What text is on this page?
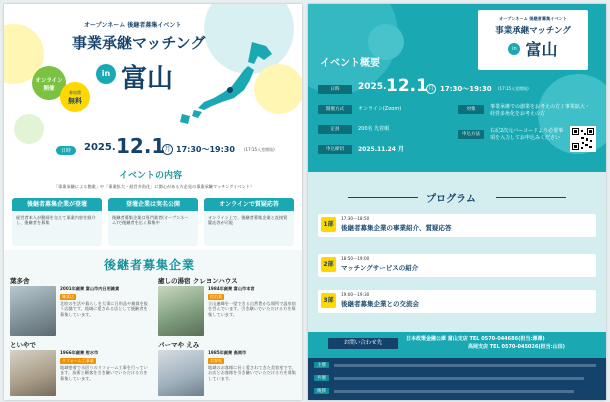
オープンネーム 後継者募集イベント
事業承継マッチング
in 富山
オンライン
開催
参加費
無料
日時	2025. 12.1 月 17:30～19:30 (17:15入室開始)
イベントの内容
「事業承継による創業」や「事業拡大・経営多角化」に関心がある方必見の事業承継マッチングイベント！
後継者募集企業が登壇
経営者本人が動画を交えて事業内容を紹介し、後継者を募集
登壇企業は実名公開
後継者募集企業は専門業者(オープンネーム)で後継者を広く募集中
オンラインで質疑応答
オンライン上で、後継者募集企業と直接質疑応答が可能
後継者募集企業
葉多舎
2001年創業 富山市内日用雑貨
雑貨店
北欧の生活や暮らしを大事に日用品や雑貨を扱う店舗です。地域に愛される店として後継者を募集しています。
癒しの湯宿 クレヨンハウス
1984年創業 富山市本宮
宿泊業
立山連峰を一望できる自然豊かな場所で温泉宿を営んでいます。引き継いでいただける方を募集しています。
といやで
1966年創業 射水市
リフォーム工事業
地域密着で水回りのリフォーム工事を行っています。技術と顧客を引き継いでいただける方を募集しています。
パーマや えみ
1985年創業 高岡市
美容室
地域のお客様に長く愛されてきた美容室です。お店とお客様を引き継いでいただける方を募集しています。
オープンネーム 後継者募集イベント
事業承継マッチング
in 富山
イベント概要
日時	2025. 12.1 月 17:30～19:30 (17:15入室開始)
開催方式	オンライン(Zoom)
定員	200名 先着順
申込締切	2025.11.24 月
対象	事業承継での創業をお考えの方 / 事業拡大・経営多角化をお考えの方
申込方法
右記2次元バーコードより必要事項を入力してお申込みください
プログラム
1部
17:30～18:50
後継者募集企業の事業紹介、質疑応答
2部
18:50～19:00
マッチングサービスの紹介
3部
19:00～19:30
後継者募集企業との交流会
お問い合わせ先
日本政策金融公庫 富山支店 TEL 0570-044686(担当:澤澤)
高岡支店 TEL 0570-045026(担当:山田)
主催
共催
後援
